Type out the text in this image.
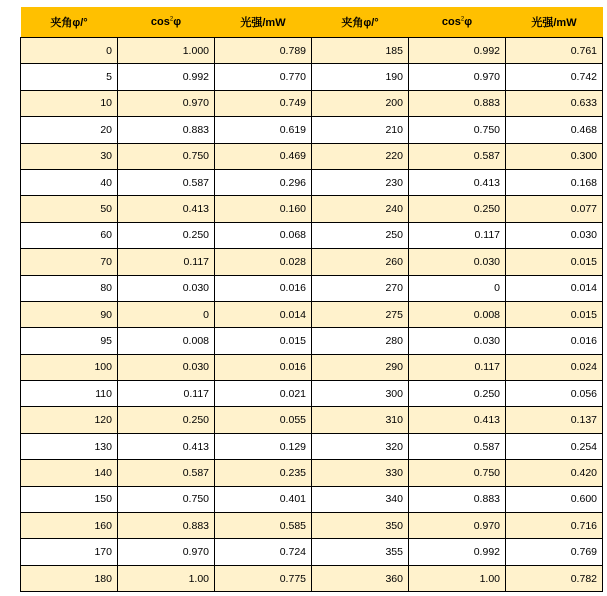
夹角φ/°	$\cos^2\varphi$	光强/mW	夹角φ/°	$\cos^2\varphi$	光强/mW
0	1.000	0.789	185	0.992	0.761
5	0.992	0.770	190	0.970	0.742
10	0.970	0.749	200	0.883	0.633
20	0.883	0.619	210	0.750	0.468
30	0.750	0.469	220	0.587	0.300
40	0.587	0.296	230	0.413	0.168
50	0.413	0.160	240	0.250	0.077
60	0.250	0.068	250	0.117	0.030
70	0.117	0.028	260	0.030	0.015
80	0.030	0.016	270	0	0.014
90	0	0.014	275	0.008	0.015
95	0.008	0.015	280	0.030	0.016
100	0.030	0.016	290	0.117	0.024
110	0.117	0.021	300	0.250	0.056
120	0.250	0.055	310	0.413	0.137
130	0.413	0.129	320	0.587	0.254
140	0.587	0.235	330	0.750	0.420
150	0.750	0.401	340	0.883	0.600
160	0.883	0.585	350	0.970	0.716
170	0.970	0.724	355	0.992	0.769
180	1.00	0.775	360	1.00	0.782
